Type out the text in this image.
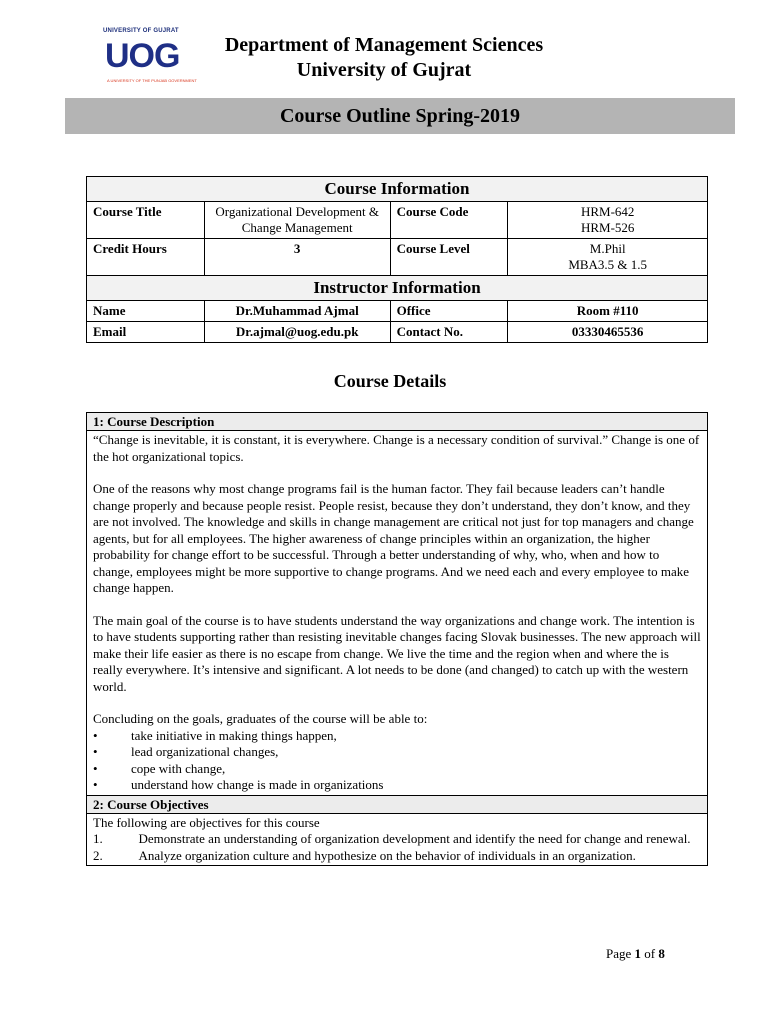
UNIVERSITY OF GUJRAT
UOG
A UNIVERSITY OF THE PUNJAB GOVERNMENT
Department of Management Sciences
University of Gujrat
Course Outline Spring-2019
Course Information			
Course Title	Organizational Development & Change Management	Course Code	HRM-642
HRM-526

Credit Hours	3	Course Level	M.Phil
MBA3.5 & 1.5

Instructor Information			
Name	Dr.Muhammad Ajmal	Office	Room #110
Email	Dr.ajmal@uog.edu.pk	Contact No.	03330465536
Course Details
1: Course Description

“Change is inevitable, it is constant, it is everywhere. Change is a necessary condition of survival.” Change is one of the hot organizational topics.

One of the reasons why most change programs fail is the human factor. They fail because leaders can’t handle change properly and because people resist. People resist, because they don’t understand, they don’t know, and they are not involved. The knowledge and skills in change management are critical not just for top managers and change agents, but for all employees. The higher awareness of change principles within an organization, the higher probability for change effort to be successful. Through a better understanding of why, who, when and how to change, employees might be more supportive to change programs. And we need each and every employee to make change happen.

The main goal of the course is to have students understand the way organizations and change work. The intention is to have students supporting rather than resisting inevitable changes facing Slovak businesses. The new approach will make their life easier as there is no escape from change. We live the time and the region when and where the is really everywhere. It’s intensive and significant. A lot needs to be done (and changed) to catch up with the western world.

Concluding on the goals, graduates of the course will be able to:

•	take initiative in making things happen,
•	lead organizational changes,
•	cope with change,
•	understand how change is made in organizations

2: Course Objectives

The following are objectives for this course

1.	Demonstrate an understanding of organization development and identify the need for change and renewal.

2.	Analyze organization culture and hypothesize on the behavior of individuals in an organization.

Page 1 of 8
